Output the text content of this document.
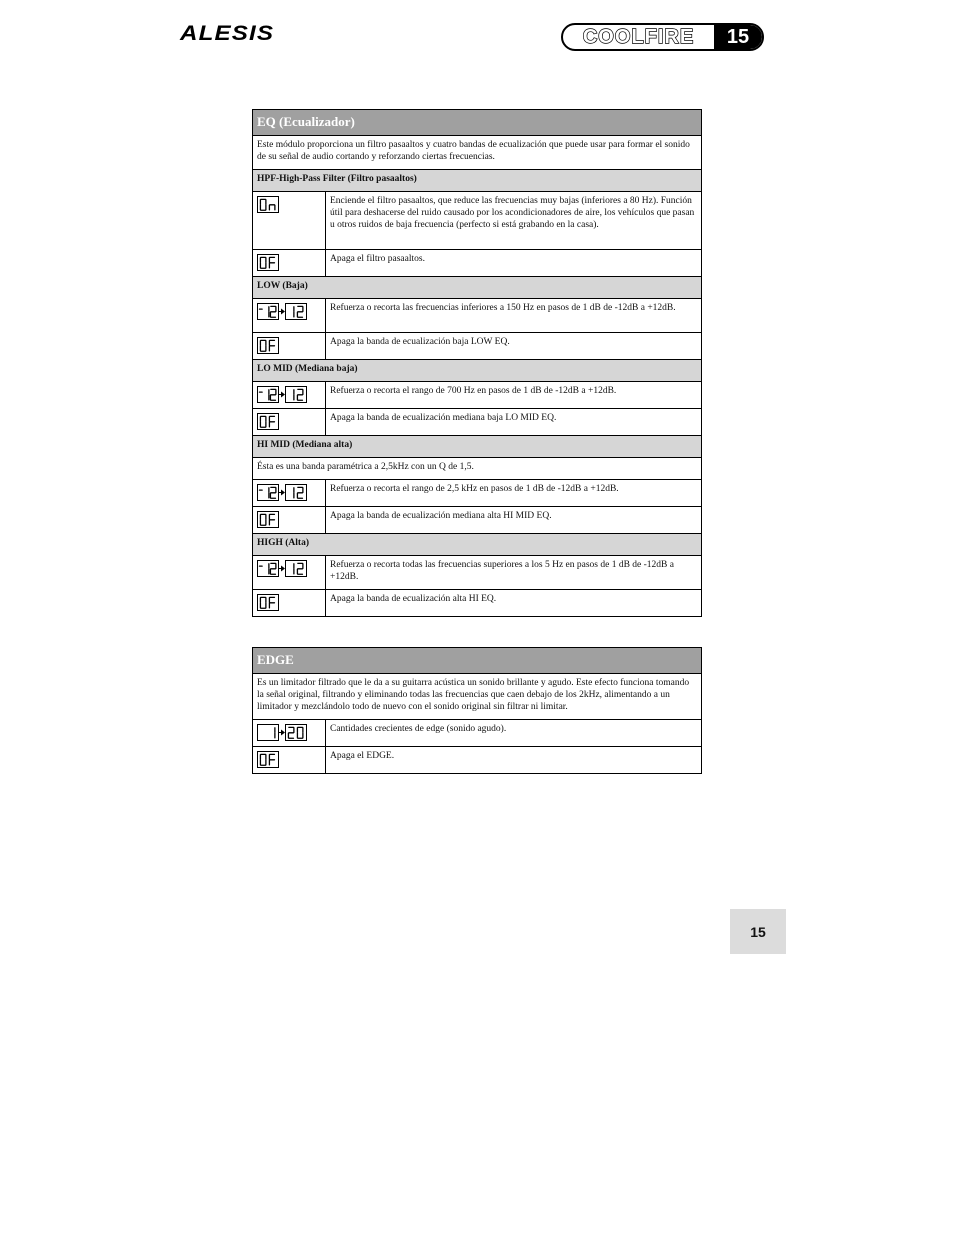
ALESIS	COOLFIRE	15
EQ (Ecualizador)	
Este módulo proporciona un filtro pasaaltos y cuatro bandas de ecualización que puede usar para formar el sonido de su señal de audio cortando y reforzando ciertas frecuencias.	
HPF-High-Pass Filter (Filtro pasaaltos)	

	Enciende el filtro pasaaltos, que reduce las frecuencias muy bajas (inferiores a 80 Hz). Función útil para deshacerse del ruido causado por los acondicionadores de aire, los vehículos que pasan u otros ruidos de baja frecuencia (perfecto si está grabando en la casa).

	Apaga el filtro pasaaltos.
LOW (Baja)	

	Refuerza o recorta las frecuencias inferiores a 150 Hz en pasos de 1 dB de -12dB a +12dB.

	Apaga la banda de ecualización baja LOW EQ.
LO MID (Mediana baja)	

	Refuerza o recorta el rango de 700 Hz en pasos de 1 dB de -12dB a +12dB.

	Apaga la banda de ecualización mediana baja LO MID EQ.
HI MID (Mediana alta)	
Ésta es una banda paramétrica a 2,5kHz con un Q de 1,5.	

	Refuerza o recorta el rango de 2,5 kHz en pasos de 1 dB de -12dB a +12dB.

	Apaga la banda de ecualización mediana alta HI MID EQ.
HIGH (Alta)	

	Refuerza o recorta todas las frecuencias superiores a los 5 Hz en pasos de 1 dB de -12dB a +12dB.

	Apaga la banda de ecualización alta HI EQ.
EDGE	
Es un limitador filtrado que le da a su guitarra acústica un sonido brillante y agudo. Este efecto funciona tomando la señal original, filtrando y eliminando todas las frecuencias que caen debajo de los 2kHz, alimentando a un limitador y mezclándolo todo de nuevo con el sonido original sin filtrar ni limitar.	

	Cantidades crecientes de edge (sonido agudo).

	Apaga el EDGE.
15
